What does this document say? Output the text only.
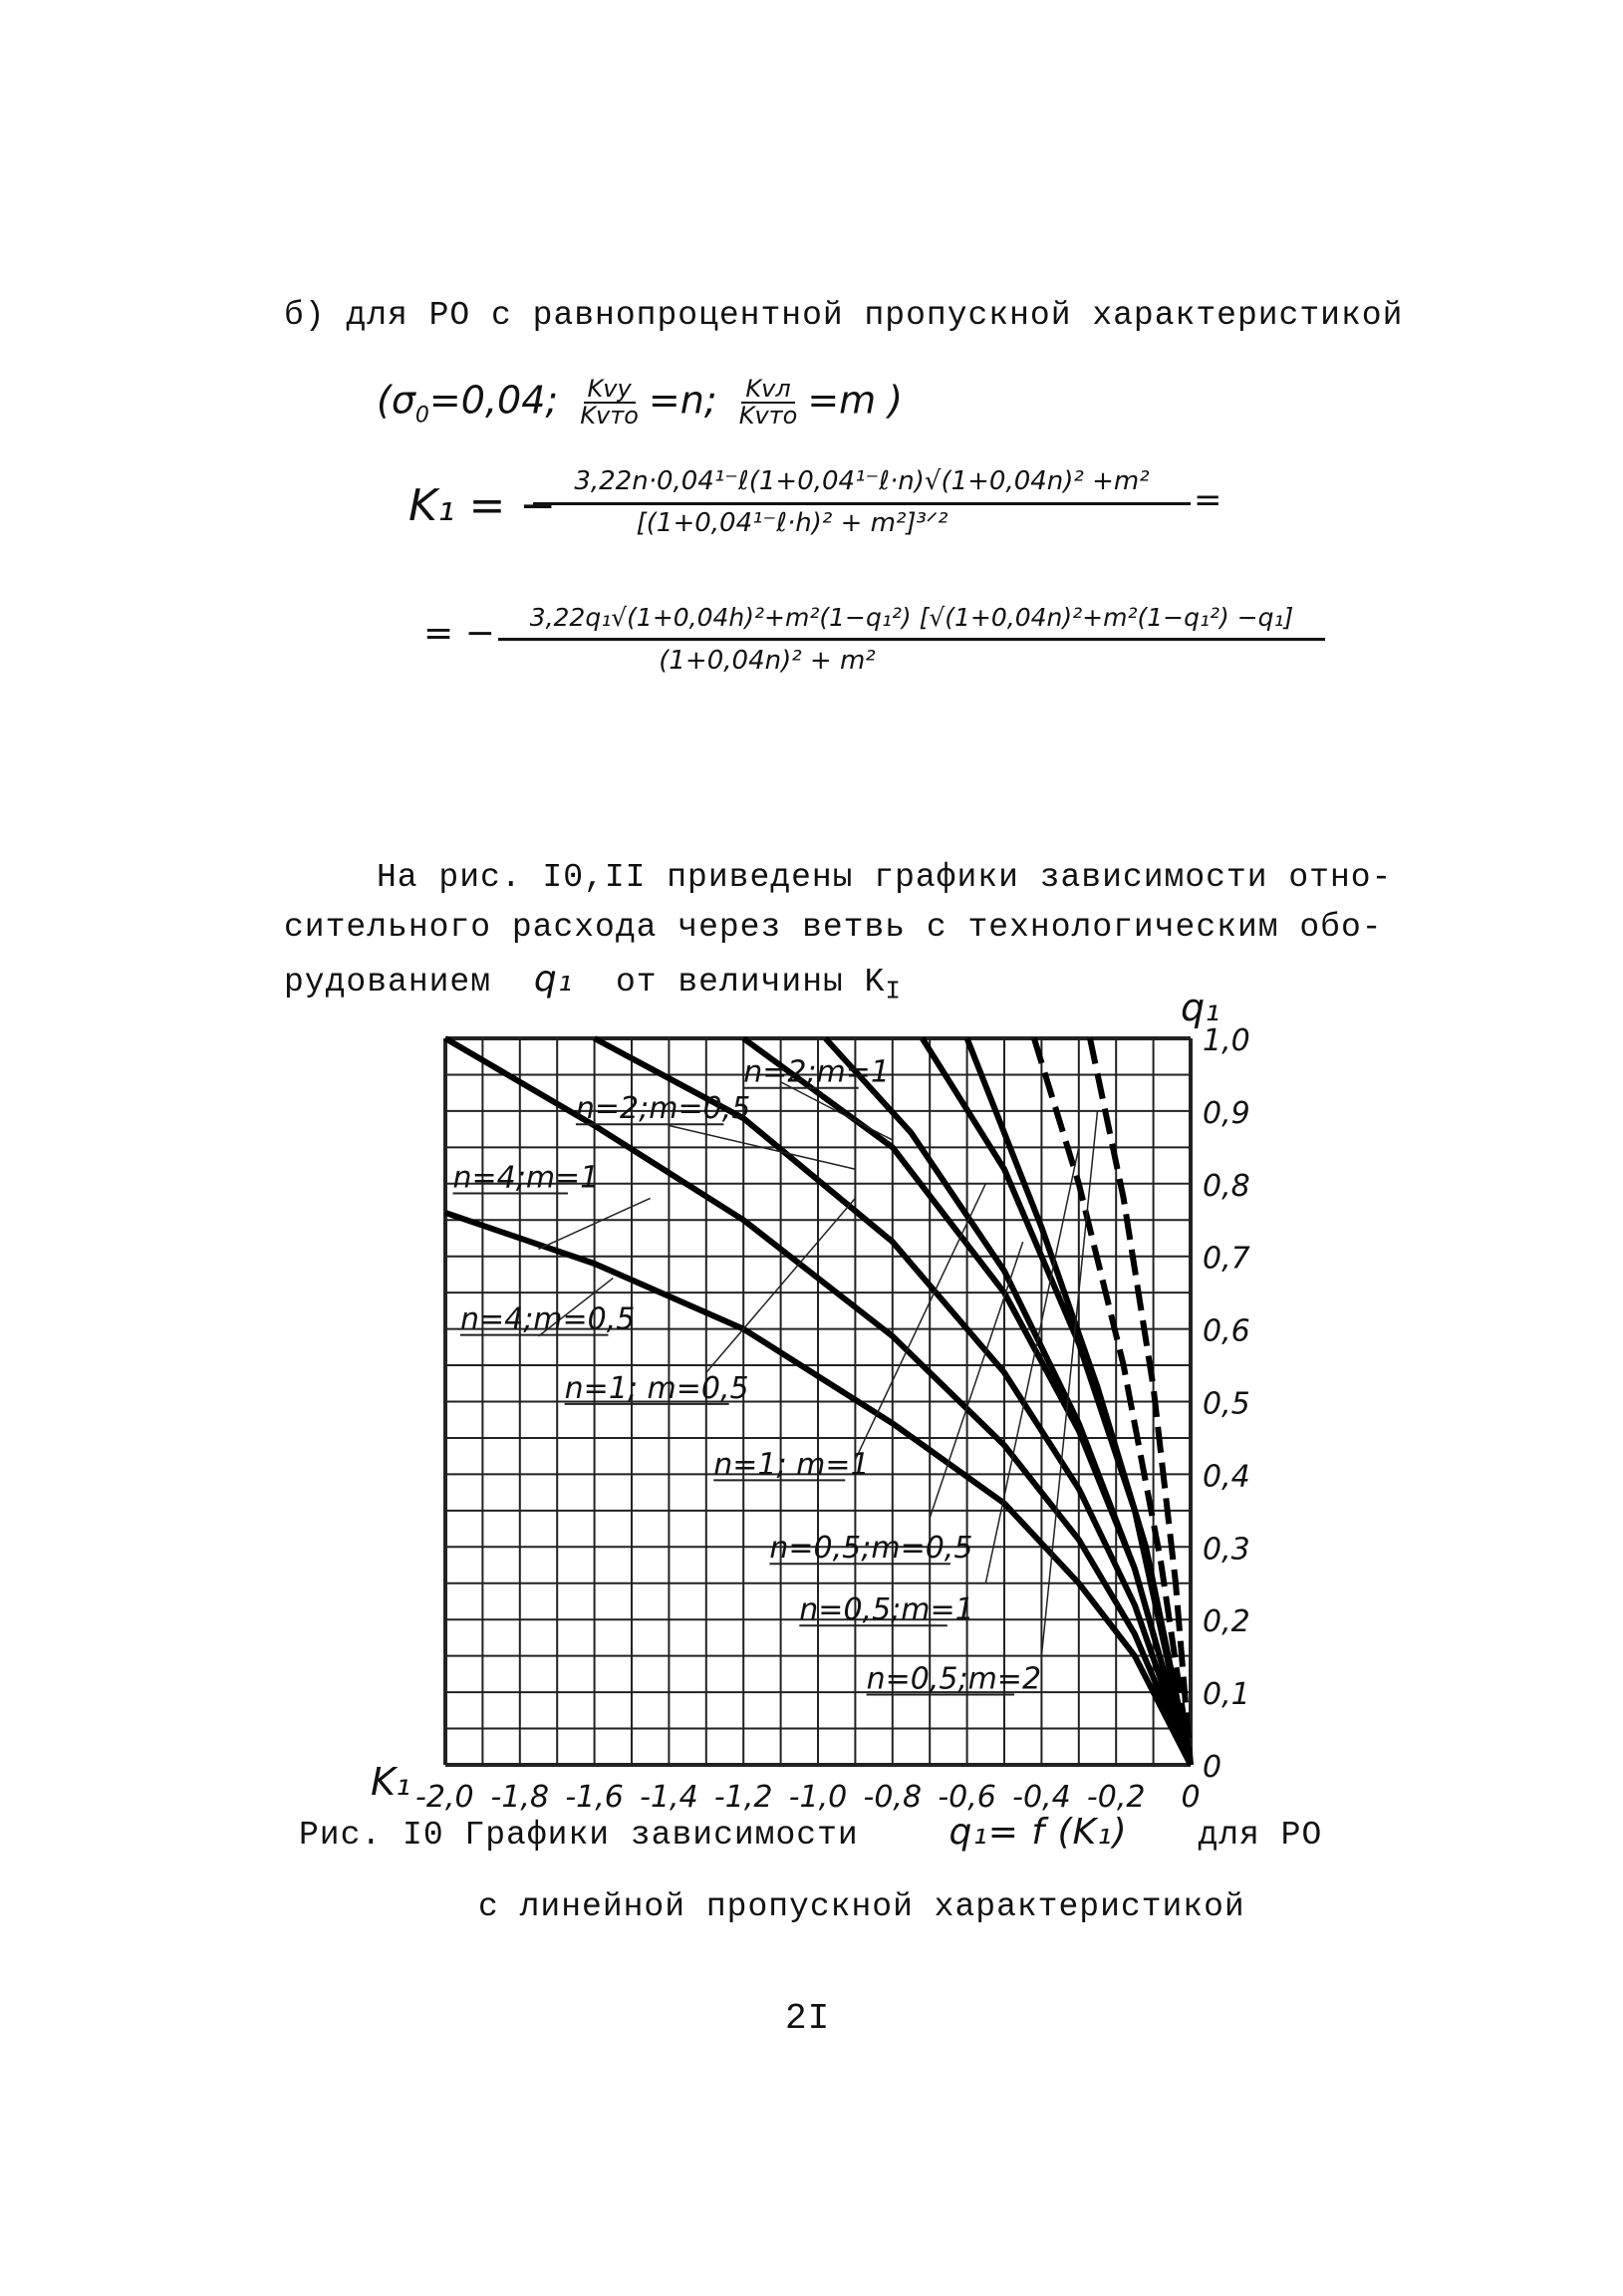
б) для РО с равнопроцентной пропускной характеристикой
($\sigma_0=0,04$; $\frac{\text{Kvy}}{\text{Kvто}} =n$; $\frac{\text{Kvл}}{\text{Kvто}} =m$ )
K₁ = − 3,22n·0,04¹⁻ℓ(1+0,04¹⁻ℓ·n)√(1+0,04n)² +m²
[(1+0,04¹⁻ℓ·h)² + m²]³ᐟ²
=
= −	3,22q₁√(1+0,04h)²+m²(1−q₁²) [√(1+0,04n)²+m²(1−q₁²) −q₁]
(1+0,04n)² + m²
На рис. I0,II приведены графики зависимости отно-
сительного расхода через ветвь с технологическим обо-
рудованием q₁ от величины $K_I$
-2,0 -1,8 -1,6 -1,4 -1,2 -1,0 -0,8 -0,6 -0,4 -0,2 0
0
0,1
0,2
0,3
0,4
0,5
0,6
0,7
0,8
0,9
1,0
n=2;m=1
n=2;m=0,5
n=4;m=1
n=4;m=0,5
n=1; m=0,5
n=1; m=1
n=0,5;m=0,5
n=0,5;m=1
n=0,5;m=2
K₁
q₁
Рис. I0 Графики зависимости	q₁= f (K₁) для РО
с линейной пропускной характеристикой
2I
